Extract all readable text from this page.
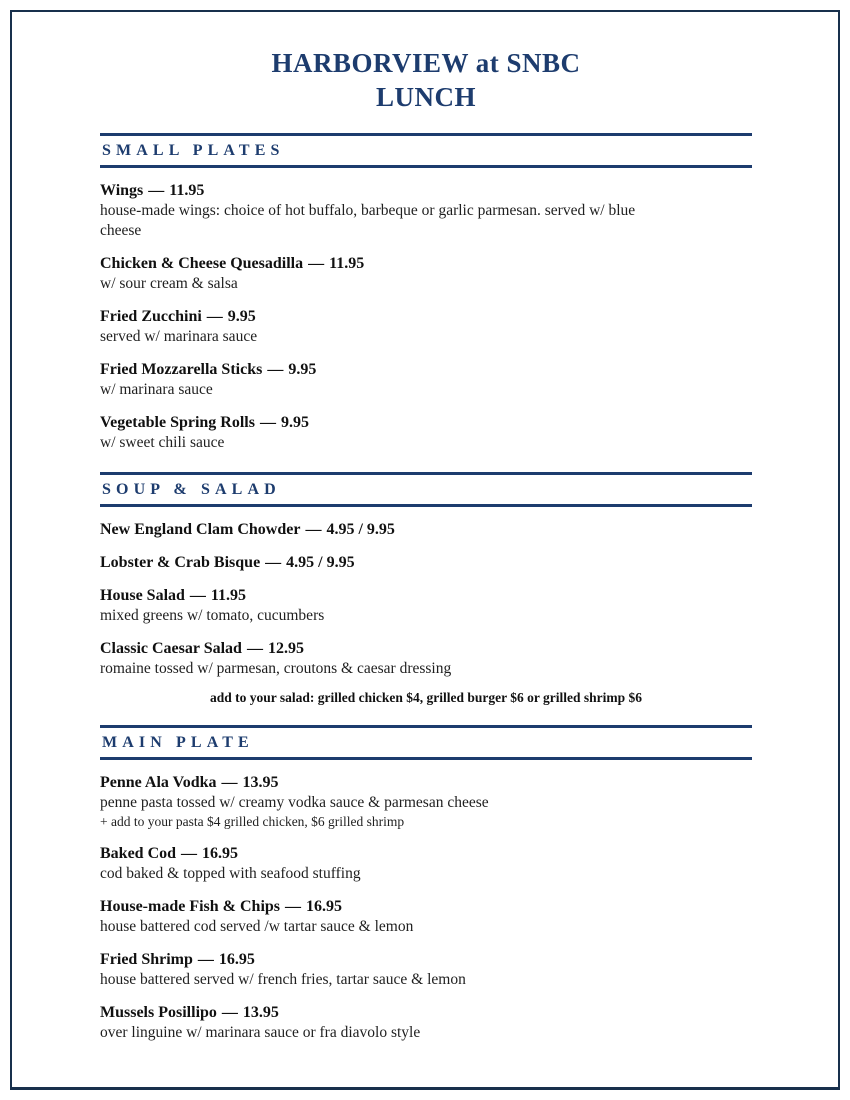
HARBORVIEW at SNBC
LUNCH
SMALL PLATES
Wings — 11.95
house-made wings: choice of hot buffalo, barbeque or garlic parmesan. served w/ blue cheese
Chicken & Cheese Quesadilla — 11.95
w/ sour cream & salsa
Fried Zucchini — 9.95
served w/ marinara sauce
Fried Mozzarella Sticks — 9.95
w/ marinara sauce
Vegetable Spring Rolls — 9.95
w/ sweet chili sauce
SOUP & SALAD
New England Clam Chowder — 4.95 / 9.95
Lobster & Crab Bisque — 4.95 / 9.95
House Salad — 11.95
mixed greens w/ tomato, cucumbers
Classic Caesar Salad — 12.95
romaine tossed w/ parmesan, croutons & caesar dressing
add to your salad: grilled chicken $4, grilled burger $6 or grilled shrimp $6
MAIN PLATE
Penne Ala Vodka — 13.95
penne pasta tossed w/ creamy vodka sauce & parmesan cheese
+ add to your pasta $4 grilled chicken, $6 grilled shrimp
Baked Cod — 16.95
cod baked & topped with seafood stuffing
House-made Fish & Chips — 16.95
house battered cod served /w tartar sauce & lemon
Fried Shrimp — 16.95
house battered served w/ french fries, tartar sauce & lemon
Mussels Posillipo — 13.95
over linguine w/ marinara sauce or fra diavolo style
